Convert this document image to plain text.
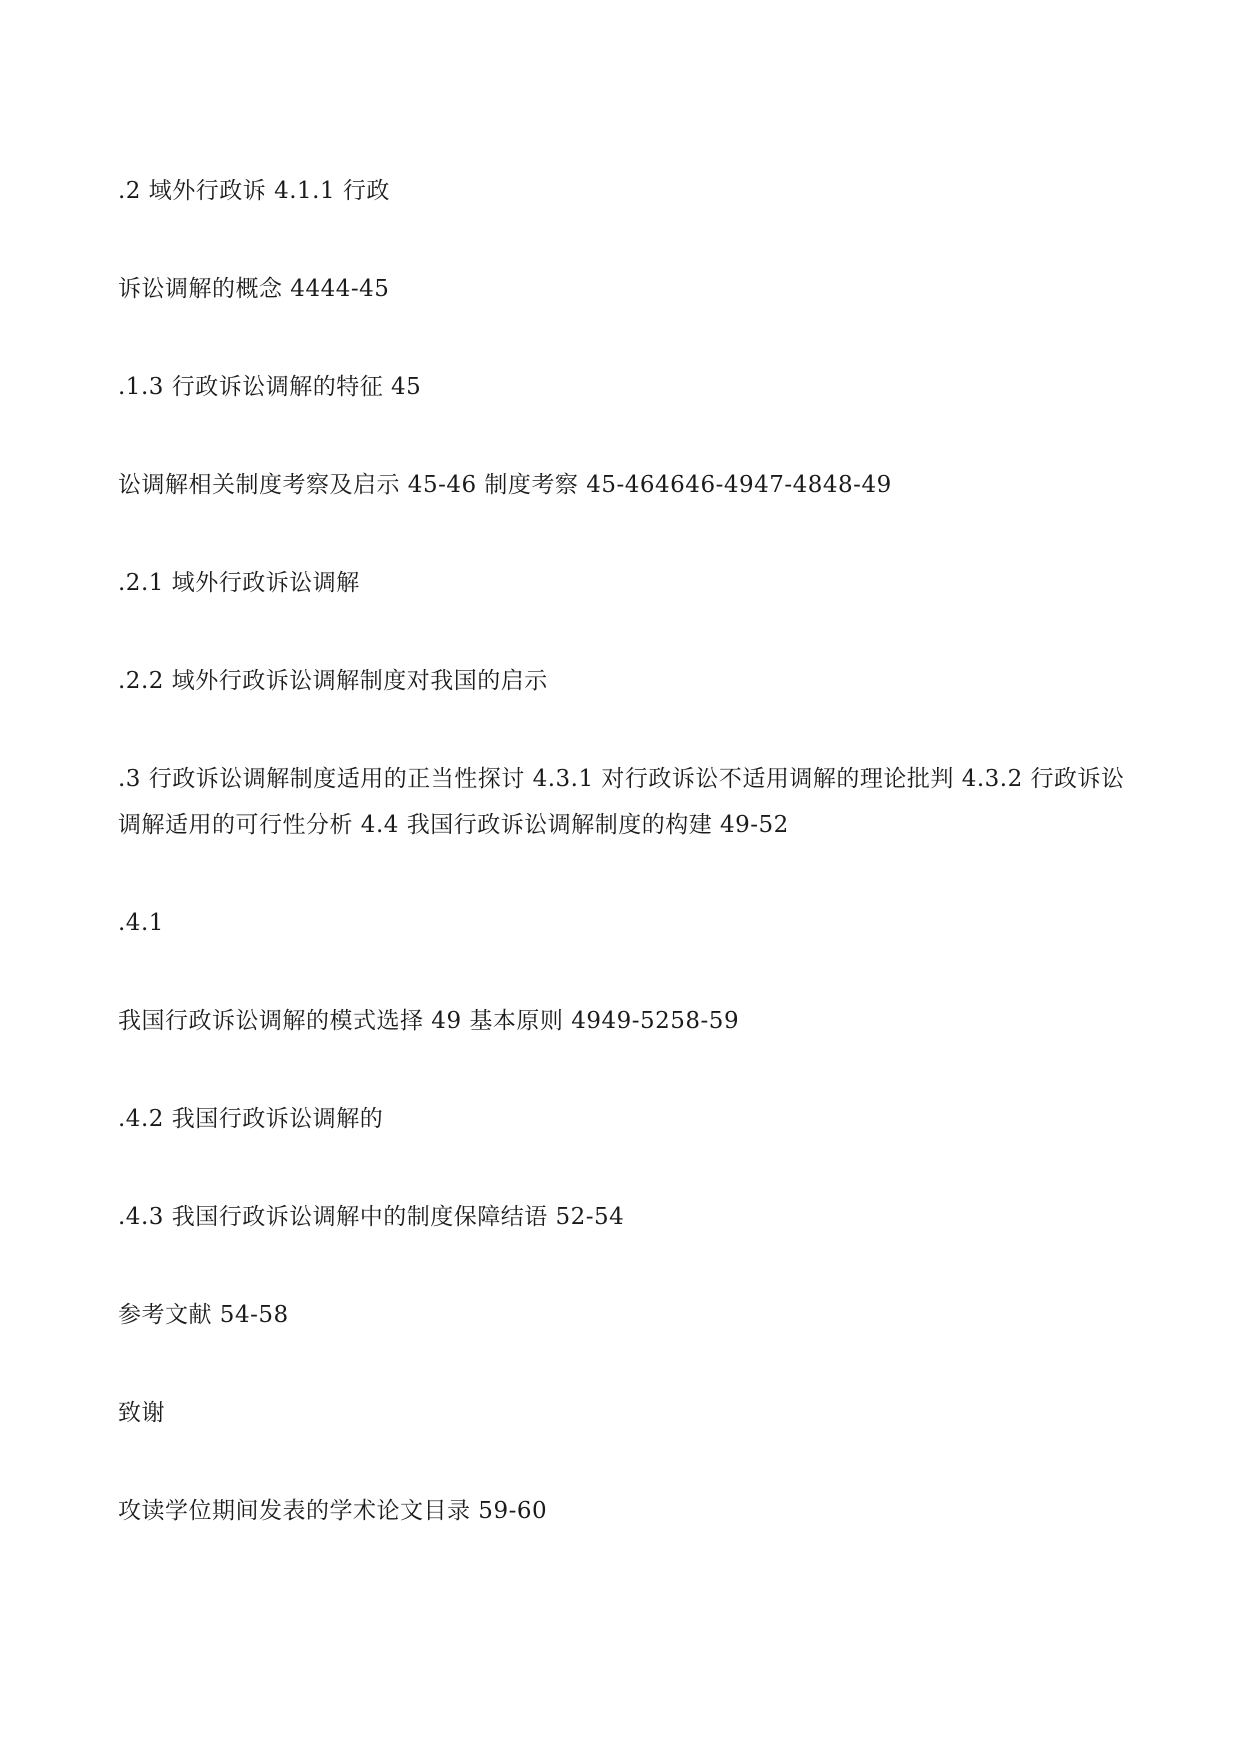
.2 域外行政诉 4.1.1 行政

诉讼调解的概念 4444-45

.1.3 行政诉讼调解的特征 45

讼调解相关制度考察及启示 45-46 制度考察 45-464646-4947-4848-49

.2.1 域外行政诉讼调解

.2.2 域外行政诉讼调解制度对我国的启示

.3 行政诉讼调解制度适用的正当性探讨 4.3.1 对行政诉讼不适用调解的理论批判 4.3.2 行政诉讼调解适用的可行性分析 4.4 我国行政诉讼调解制度的构建 49-52

.4.1

我国行政诉讼调解的模式选择 49 基本原则 4949-5258-59

.4.2 我国行政诉讼调解的

.4.3 我国行政诉讼调解中的制度保障结语 52-54

参考文献 54-58

致谢

攻读学位期间发表的学术论文目录 59-60
